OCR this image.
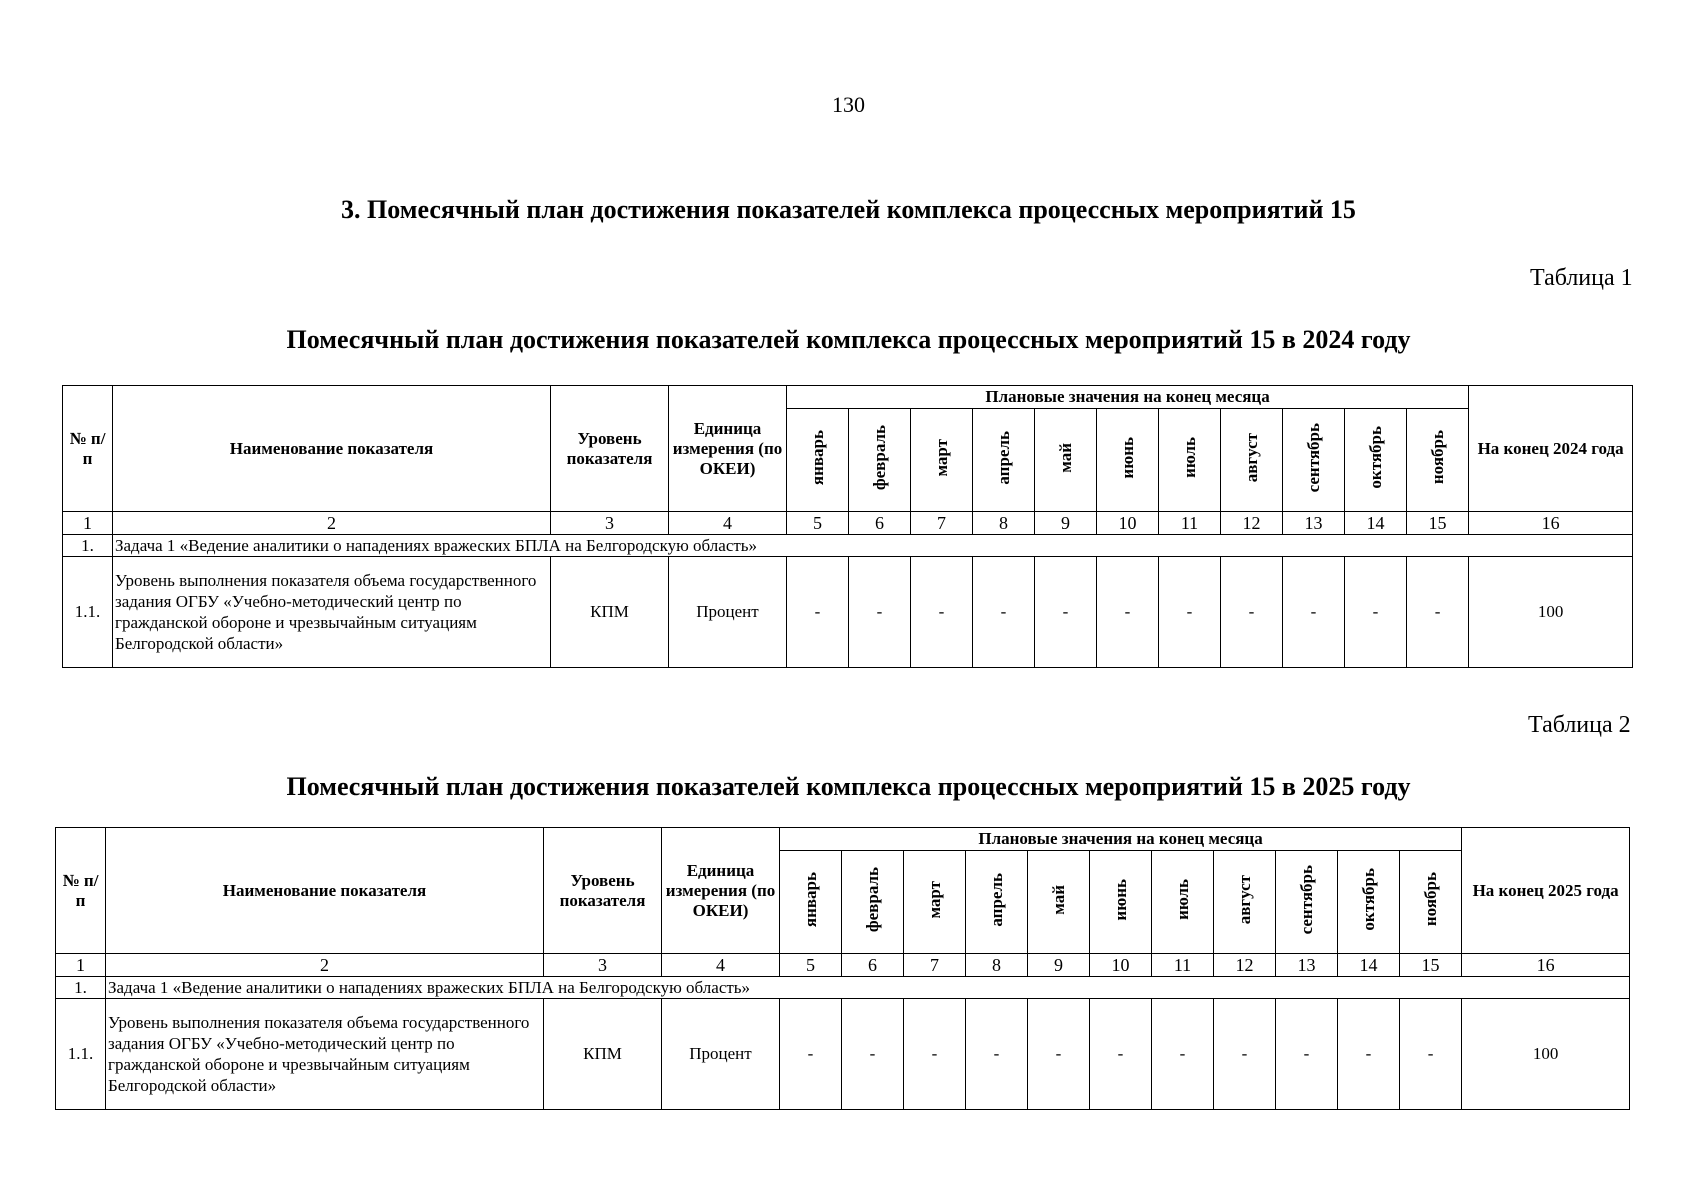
130
3. Помесячный план достижения показателей комплекса процессных мероприятий 15
Таблица 1
Помесячный план достижения показателей комплекса процессных мероприятий 15 в 2024 году
№ п/п	Наименование показателя	Уровень показателя	Единица измерения (по ОКЕИ)	Плановые значения на конец месяца											На конец 2024 года
				январь	февраль	март	апрель	май	июнь	июль	август	сентябрь	октябрь	ноябрь	
1	2	3	4	5	6	7	8	9	10	11	12	13	14	15	16
1.	Задача 1 «Ведение аналитики о нападениях вражеских БПЛА на Белгородскую область»														
1.1.	Уровень выполнения показателя объема государственного задания ОГБУ «Учебно-методический центр по гражданской обороне и чрезвычайным ситуациям Белгородской области»	КПМ	Процент	-	-	-	-	-	-	-	-	-	-	-	100
Таблица 2
Помесячный план достижения показателей комплекса процессных мероприятий 15 в 2025 году
№ п/п	Наименование показателя	Уровень показателя	Единица измерения (по ОКЕИ)	Плановые значения на конец месяца											На конец 2025 года
				январь	февраль	март	апрель	май	июнь	июль	август	сентябрь	октябрь	ноябрь	
1	2	3	4	5	6	7	8	9	10	11	12	13	14	15	16
1.	Задача 1 «Ведение аналитики о нападениях вражеских БПЛА на Белгородскую область»														
1.1.	Уровень выполнения показателя объема государственного задания ОГБУ «Учебно-методический центр по гражданской обороне и чрезвычайным ситуациям Белгородской области»	КПМ	Процент	-	-	-	-	-	-	-	-	-	-	-	100
